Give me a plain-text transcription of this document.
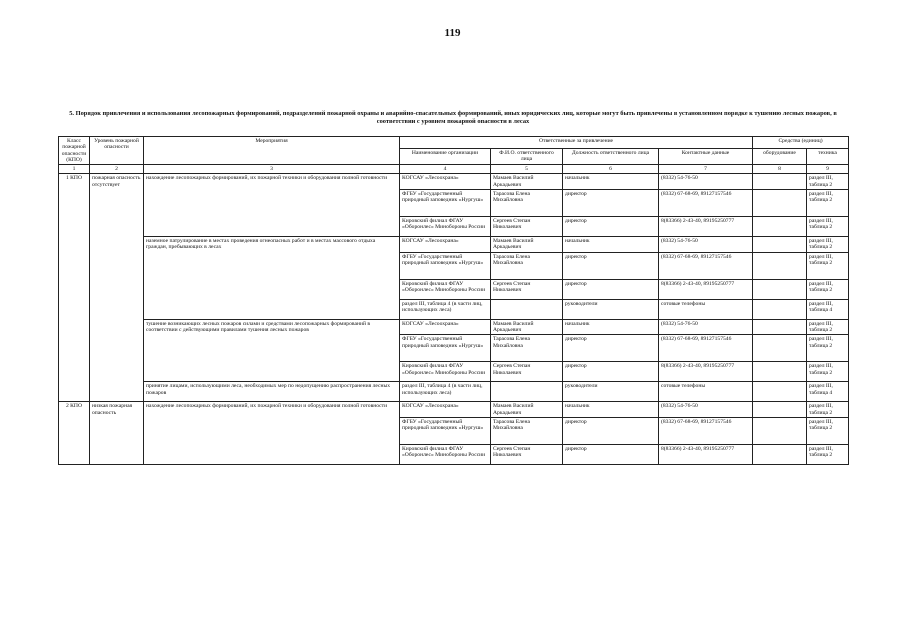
119
5. Порядок привлечения и использования лесопожарных формирований, подразделений пожарной охраны и аварийно-спасательных формирований, иных юридических лиц, которые могут быть привлечены в установленном порядке к тушению лесных пожаров, в соответствии с уровнем пожарной опасности в лесах
Класс пожарной опасности (КПО)	Уровень пожарной опасности	Мероприятия	Ответственные за привлечение				Средства (единиц)	
			Наименование организации	Ф.И.О. ответственного лица	Должность ответственного лица	Контактные данные	оборудование	техника
1	2	3	4	5	6	7	8	9
1 КПО	пожарная опасность отсутствует	нахождение лесопожарных формирований, их пожарной техники и оборудования полной готовности	КОГСАУ «Лесоохрана»	Мамаев Василий Аркадьевич	начальник	(8332) 54-76-50		раздел III, таблица 2
			ФГБУ «Государственный природный заповедник «Нургуш»	Тарасова Елена Михайловна	директор	(8332) 67-68-69, 89127157546		раздел III, таблица 2
			Кировский филиал ФГАУ «Оборонлес» Минобороны России	Сергеев Степан Николаевич	директор	8(83366) 2-43-40, 89195250777		раздел III, таблица 2
		наземное патрулирование в местах проведения огнеопасных работ и в местах массового отдыха граждан, пребывающих в лесах	КОГСАУ «Лесоохрана»	Мамаев Василий Аркадьевич	начальник	(8332) 54-76-50		раздел III, таблица 2
			ФГБУ «Государственный природный заповедник «Нургуш»	Тарасова Елена Михайловна	директор	(8332) 67-68-69, 89127157546		раздел III, таблица 2
			Кировский филиал ФГАУ «Оборонлес» Минобороны России	Сергеев Степан Николаевич	директор	8(83366) 2-43-40, 89195250777		раздел III, таблица 2
			раздел III, таблица 4 (в части лиц, использующих леса)		руководители	сотовые телефоны		раздел III, таблица 4
		тушение возникающих лесных пожаров силами и средствами лесопожарных формирований в соответствии с действующими правилами тушения лесных пожаров	КОГСАУ «Лесоохрана»	Мамаев Василий Аркадьевич	начальник	(8332) 54-76-50		раздел III, таблица 2
			ФГБУ «Государственный природный заповедник «Нургуш»	Тарасова Елена Михайловна	директор	(8332) 67-68-69, 89127157546		раздел III, таблица 2
			Кировский филиал ФГАУ «Оборонлес» Минобороны России	Сергеев Степан Николаевич	директор	8(83366) 2-43-40, 89195250777		раздел III, таблица 2
		принятие лицами, использующими леса, необходимых мер по недопущению распространения лесных пожаров	раздел III, таблица 4 (в части лиц, использующих леса)		руководители	сотовые телефоны		раздел III, таблица 4
2 КПО	низкая пожарная опасность	нахождение лесопожарных формирований, их пожарной техники и оборудования полной готовности	КОГСАУ «Лесоохрана»	Мамаев Василий Аркадьевич	начальник	(8332) 54-76-50		раздел III, таблица 2
			ФГБУ «Государственный природный заповедник «Нургуш»	Тарасова Елена Михайловна	директор	(8332) 67-68-69, 89127157546		раздел III, таблица 2
			Кировский филиал ФГАУ «Оборонлес» Минобороны России	Сергеев Степан Николаевич	директор	8(83366) 2-43-40, 89195250777		раздел III, таблица 2
